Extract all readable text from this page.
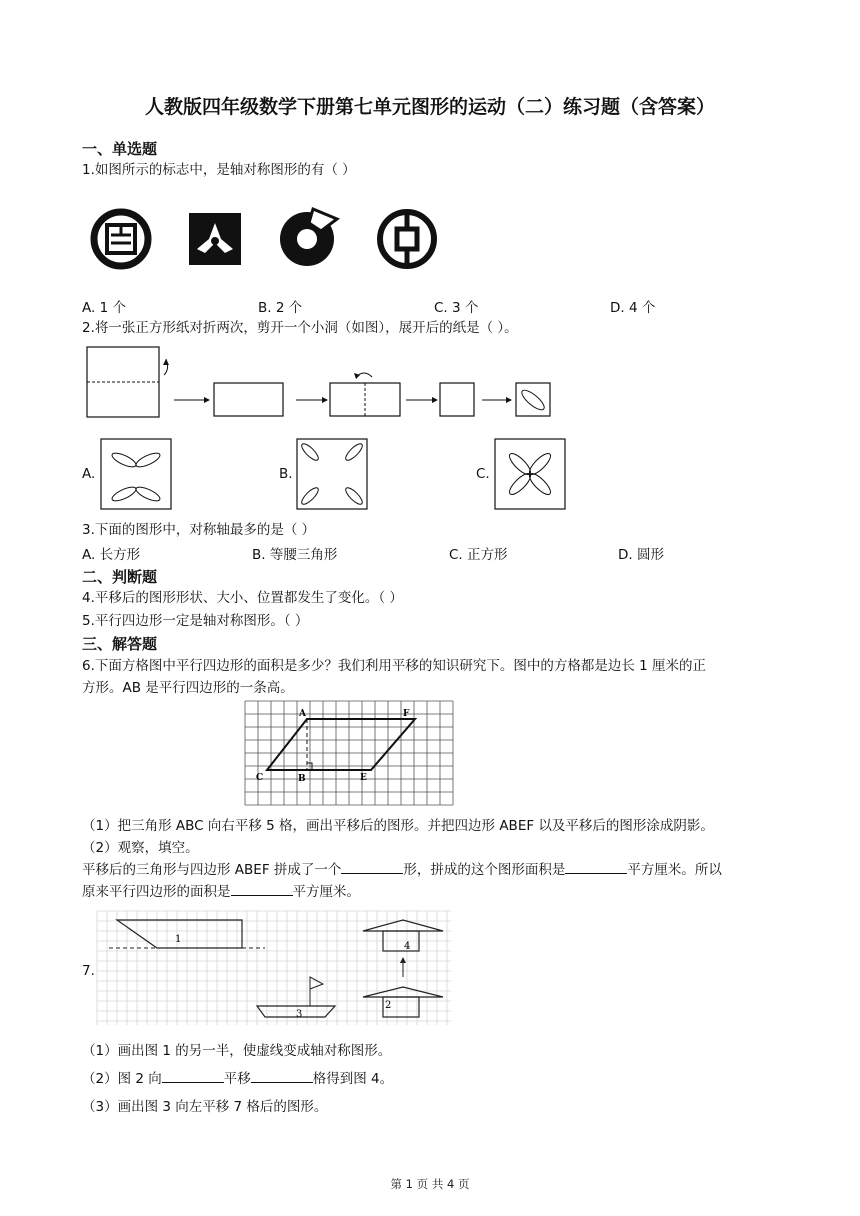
人教版四年级数学下册第七单元图形的运动（二）练习题（含答案）
一、单选题
1.如图所示的标志中，是轴对称图形的有（ ）
A. 1 个	B. 2 个	C. 3 个	D. 4 个
2.将一张正方形纸对折两次，剪开一个小洞（如图），展开后的纸是（ ）。
A.	B.	C.
3.下面的图形中，对称轴最多的是（ ）
A. 长方形	B. 等腰三角形	C. 正方形	D. 圆形
二、判断题
4.平移后的图形形状、大小、位置都发生了变化。（ ）
5.平行四边形一定是轴对称图形。（ ）
三、解答题
6.下面方格图中平行四边形的面积是多少？我们利用平移的知识研究下。图中的方格都是边长 1 厘米的正
方形。AB 是平行四边形的一条高。
A	F
C	B	E
（1）把三角形 ABC 向右平移 5 格，画出平移后的图形。并把四边形 ABEF 以及平移后的图形涂成阴影。
（2）观察，填空。
平移后的三角形与四边形 ABEF 拼成了一个	形，拼成的这个图形面积是	平方厘米。所以
原来平行四边形的面积是	平方厘米。
7.
1
3
4
2
（1）画出图 1 的另一半，使虚线变成轴对称图形。
（2）图 2 向	平移	格得到图 4。
（3）画出图 3 向左平移 7 格后的图形。
第 1 页 共 4 页
